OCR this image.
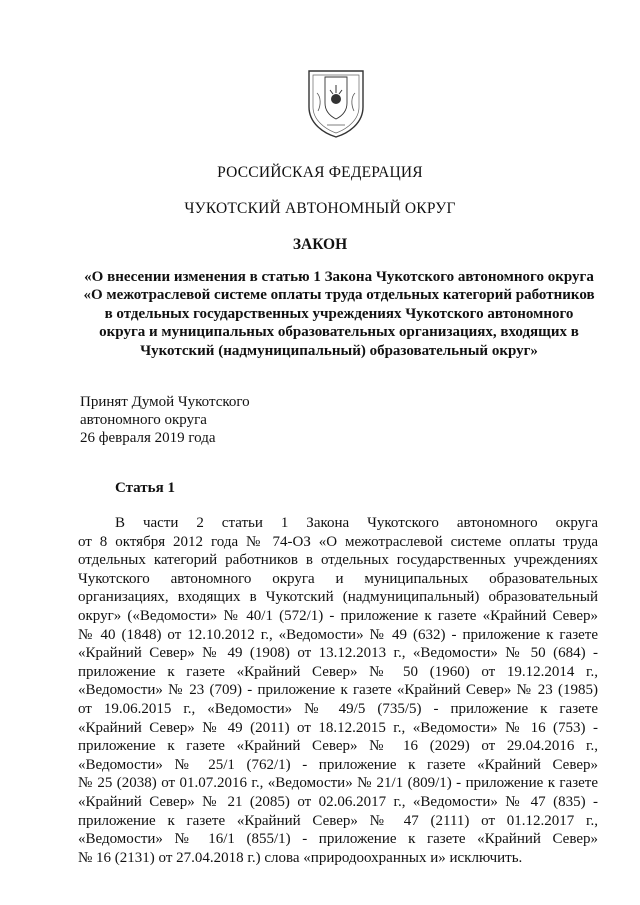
РОССИЙСКАЯ ФЕДЕРАЦИЯ
ЧУКОТСКИЙ АВТОНОМНЫЙ ОКРУГ
ЗАКОН
«О внесении изменения в статью 1 Закона Чукотского автономного округа
«О межотраслевой системе оплаты труда отдельных категорий работников
в отдельных государственных учреждениях Чукотского автономного
округа и муниципальных образовательных организациях, входящих в
Чукотский (надмуниципальный) образовательный округ»
Принят Думой Чукотского
автономного округа
26 февраля 2019 года
Статья 1
В части 2 статьи 1 Закона Чукотского автономного округа
от 8 октября 2012 года № 74-ОЗ «О межотраслевой системе оплаты труда
отдельных категорий работников в отдельных государственных учреждениях
Чукотского автономного округа и муниципальных образовательных
организациях, входящих в Чукотский (надмуниципальный) образовательный
округ» («Ведомости» № 40/1 (572/1) - приложение к газете «Крайний Север»
№ 40 (1848) от 12.10.2012 г., «Ведомости» № 49 (632) - приложение к газете
«Крайний Север» № 49 (1908) от 13.12.2013 г., «Ведомости» № 50 (684) -
приложение к газете «Крайний Север» № 50 (1960) от 19.12.2014 г.,
«Ведомости» № 23 (709) - приложение к газете «Крайний Север» № 23 (1985)
от 19.06.2015 г., «Ведомости» № 49/5 (735/5) - приложение к газете
«Крайний Север» № 49 (2011) от 18.12.2015 г., «Ведомости» № 16 (753) -
приложение к газете «Крайний Север» № 16 (2029) от 29.04.2016 г.,
«Ведомости» № 25/1 (762/1) - приложение к газете «Крайний Север»
№ 25 (2038) от 01.07.2016 г., «Ведомости» № 21/1 (809/1) - приложение к газете
«Крайний Север» № 21 (2085) от 02.06.2017 г., «Ведомости» № 47 (835) -
приложение к газете «Крайний Север» № 47 (2111) от 01.12.2017 г.,
«Ведомости» № 16/1 (855/1) - приложение к газете «Крайний Север»
№ 16 (2131) от 27.04.2018 г.) слова «природоохранных и» исключить.
